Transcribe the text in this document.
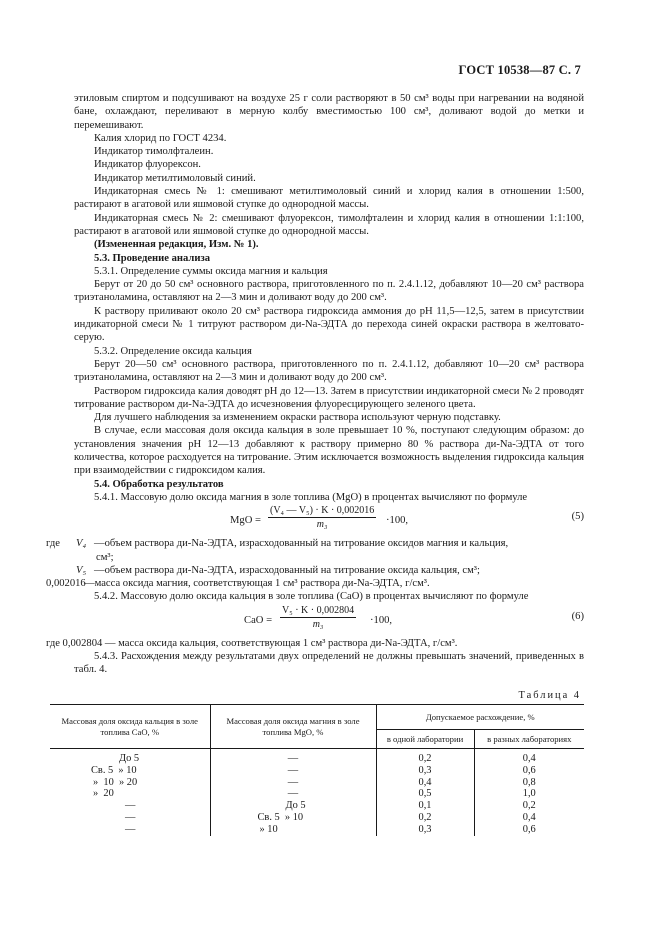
ГОСТ 10538—87 С. 7

этиловым спиртом и подсушивают на воздухе 25 г соли растворяют в 50 см³ воды при нагревании на водяной бане, охлаждают, переливают в мерную колбу вместимостью 100 см³, доливают водой до метки и перемешивают.

Калия хлорид по ГОСТ 4234.

Индикатор тимолфталеин.

Индикатор флуорексон.

Индикатор метилтимоловый синий.

Индикаторная смесь № 1: смешивают метилтимоловый синий и хлорид калия в отношении 1:500, растирают в агатовой или яшмовой ступке до однородной массы.

Индикаторная смесь № 2: смешивают флуорексон, тимолфталеин и хлорид калия в отношении 1:1:100, растирают в агатовой или яшмовой ступке до однородной массы.

(Измененная редакция, Изм. № 1).

5.3. Проведение анализа

5.3.1. Определение суммы оксида магния и кальция

Берут от 20 до 50 см³ основного раствора, приготовленного по п. 2.4.1.12, добавляют 10—20 см³ раствора триэтаноламина, оставляют на 2—3 мин и доливают воду до 200 см³.

К раствору приливают около 20 см³ раствора гидроксида аммония до рН 11,5—12,5, затем в присутствии индикаторной смеси № 1 титруют раствором ди-Na-ЭДТА до перехода синей окраски раствора в желтовато-серую.

5.3.2. Определение оксида кальция

Берут 20—50 см³ основного раствора, приготовленного по п. 2.4.1.12, добавляют 10—20 см³ раствора триэтаноламина, оставляют на 2—3 мин и доливают воду до 200 см³.

Раствором гидроксида калия доводят рН до 12—13. Затем в присутствии индикаторной смеси № 2 проводят титрование раствором ди-Na-ЭДТА до исчезновения флуоресцирующего зеленого цвета.

Для лучшего наблюдения за изменением окраски раствора используют черную подставку.

В случае, если массовая доля оксида кальция в золе превышает 10 %, поступают следующим образом: до установления значения рН 12—13 добавляют к раствору примерно 80 % раствора ди-Na-ЭДТА от того количества, которое расходуется на титрование. Этим исключается возможность выделения гидроксида кальция при взаимодействии с гидроксидом калия.

5.4. Обработка результатов

5.4.1. Массовую долю оксида магния в золе топлива (MgO) в процентах вычисляют по формуле

MgO = $\frac{\text{(V₄ — V₅) · K · 0,002016}}{\text{m₃}} \cdot 100$,	(5)
где V₄ —объем раствора ди-Na-ЭДТА, израсходованный на титрование оксидов магния и кальция,
см³;
V₅ —объем раствора ди-Na-ЭДТА, израсходованный на титрование оксида кальция, см³;
0,002016
—масса оксида магния, соответствующая 1 см³ раствора ди-Na-ЭДТА, г/см³.

5.4.2. Массовую долю оксида кальция в золе топлива (CaO) в процентах вычисляют по формуле

CaO = $\frac{\text{V₅ · K · 0,002804}}{\text{m₃}} \cdot 100$,	(6)

где 0,002804 — масса оксида кальция, соответствующая 1 см³ раствора ди-Na-ЭДТА, г/см³.

5.4.3. Расхождения между результатами двух определений не должны превышать значений, приведенных в табл. 4.

Таблица 4
Массовая доля оксида кальция в золе топлива CaO, %	Массовая доля оксида магния в золе топлива MgO, %	Допускаемое расхождение, %	
		в одной лаборатории	в разных лабораториях
До 5	—	0,2	0,4
Св. 5  » 10	—	0,3	0,6
»  10  » 20	—	0,4	0,8
»  20	—	0,5	1,0
—	До 5	0,1	0,2
—	Св. 5  » 10	0,2	0,4
—	» 10	0,3	0,6
